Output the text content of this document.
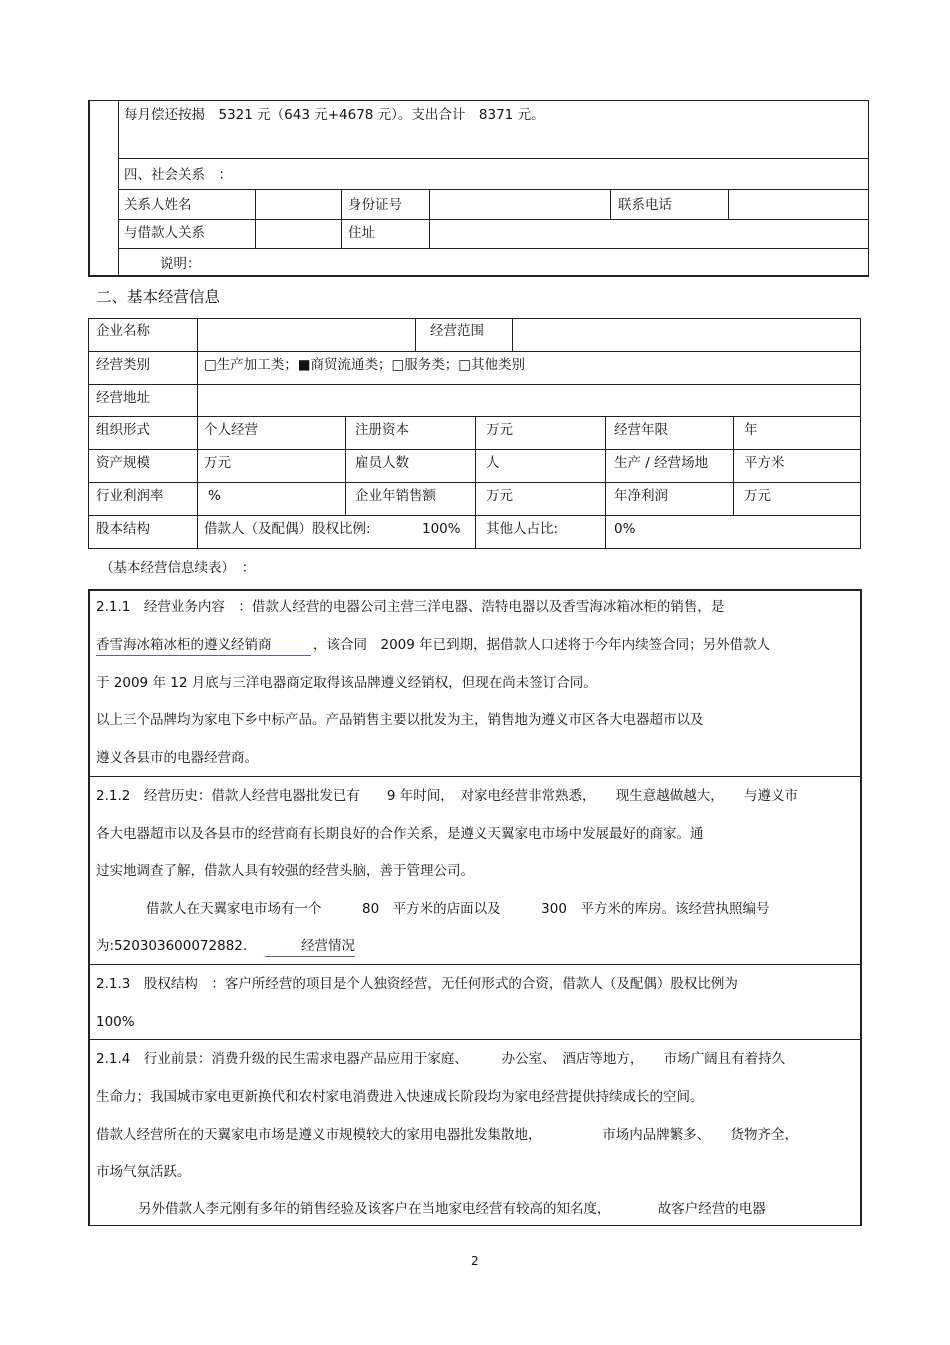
每月偿还按揭　5321 元（643 元+4678 元）。支出合计　8371 元。
四、社会关系　：
关系人姓名	身份证号	联系电话
与借款人关系	住址
说明：
二、基本经营信息
企业名称	经营范围
经营类别	□生产加工类；■商贸流通类；□服务类；□其他类别
经营地址
组织形式	个人经营	注册资本	万元	经营年限	年
资产规模	万元	雇员人数	人	生产 / 经营场地	平方米
行业利润率	%	企业年销售额	万元	年净利润	万元
股本结构	借款人（及配偶）股权比例:	100% 其他人占比:	0%
（基本经营信息续表）　：
2.1.1　经营业务内容　：借款人经营的电器公司主营三洋电器、浩特电器以及香雪海冰箱冰柜的销售，是
香雪海冰箱冰柜的遵义经销商	，该合同　2009 年已到期，据借款人口述将于今年内续签合同；另外借款人
于 2009 年 12 月底与三洋电器商定取得该品牌遵义经销权，但现在尚未签订合同。
以上三个品牌均为家电下乡中标产品。产品销售主要以批发为主，销售地为遵义市区各大电器超市以及
遵义各县市的电器经营商。
2.1.2　经营历史：借款人经营电器批发已有　　9 年时间，　对家电经营非常熟悉，　　现生意越做越大，　　与遵义市
各大电器超市以及各县市的经营商有长期良好的合作关系，是遵义天翼家电市场中发展最好的商家。通
过实地调查了解，借款人具有较强的经营头脑，善于管理公司。
借款人在天翼家电市场有一个　　　80　平方米的店面以及　　　300　平方米的库房。该经营执照编号
为:520303600072882.	经营情况
2.1.3　股权结构　：客户所经营的项目是个人独资经营，无任何形式的合资，借款人（及配偶）股权比例为
100%
2.1.4　行业前景：消费升级的民生需求电器产品应用于家庭、　　　办公室、　酒店等地方，　　市场广阔且有着持久
生命力；我国城市家电更新换代和农村家电消费进入快速成长阶段均为家电经营提供持续成长的空间。
借款人经营所在的天翼家电市场是遵义市规模较大的家用电器批发集散地，　　　　　市场内品牌繁多、　　货物齐全，
市场气氛活跃。
另外借款人李元刚有多年的销售经验及该客户在当地家电经营有较高的知名度，　　　　故客户经营的电器
2
